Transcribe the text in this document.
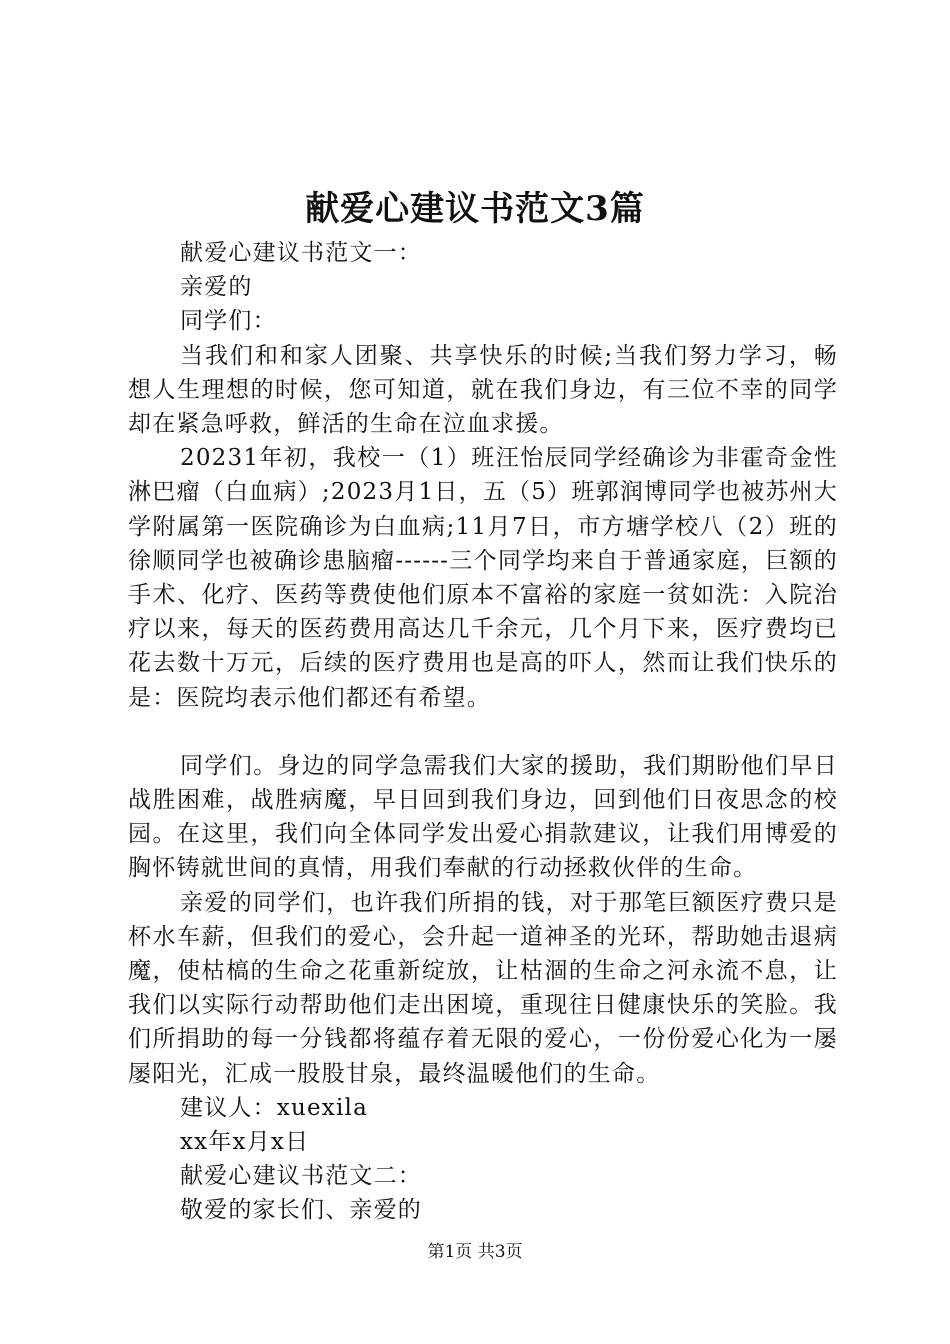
献爱心建议书范文3篇

献爱心建议书范文一：

亲爱的

同学们：

当我们和和家人团聚、共享快乐的时候;当我们努力学习，畅想人生理想的时候，您可知道，就在我们身边，有三位不幸的同学却在紧急呼救，鲜活的生命在泣血求援。

20231年初，我校一（1）班汪怡辰同学经确诊为非霍奇金性淋巴瘤（白血病）;2023月1日，五（5）班郭润博同学也被苏州大学附属第一医院确诊为白血病;11月7日，市方塘学校八（2）班的徐顺同学也被确诊患脑瘤------三个同学均来自于普通家庭，巨额的手术、化疗、医药等费使他们原本不富裕的家庭一贫如洗：入院治疗以来，每天的医药费用高达几千余元，几个月下来，医疗费均已花去数十万元，后续的医疗费用也是高的吓人，然而让我们快乐的是：医院均表示他们都还有希望。

同学们。身边的同学急需我们大家的援助，我们期盼他们早日战胜困难，战胜病魔，早日回到我们身边，回到他们日夜思念的校园。在这里，我们向全体同学发出爱心捐款建议，让我们用博爱的胸怀铸就世间的真情，用我们奉献的行动拯救伙伴的生命。

亲爱的同学们，也许我们所捐的钱，对于那笔巨额医疗费只是杯水车薪，但我们的爱心，会升起一道神圣的光环，帮助她击退病魔，使枯槁的生命之花重新绽放，让枯涸的生命之河永流不息，让我们以实际行动帮助他们走出困境，重现往日健康快乐的笑脸。我们所捐助的每一分钱都将蕴存着无限的爱心，一份份爱心化为一屡屡阳光，汇成一股股甘泉，最终温暖他们的生命。

建议人：xuexila

xx年x月x日

献爱心建议书范文二：

敬爱的家长们、亲爱的

第1页 共3页
